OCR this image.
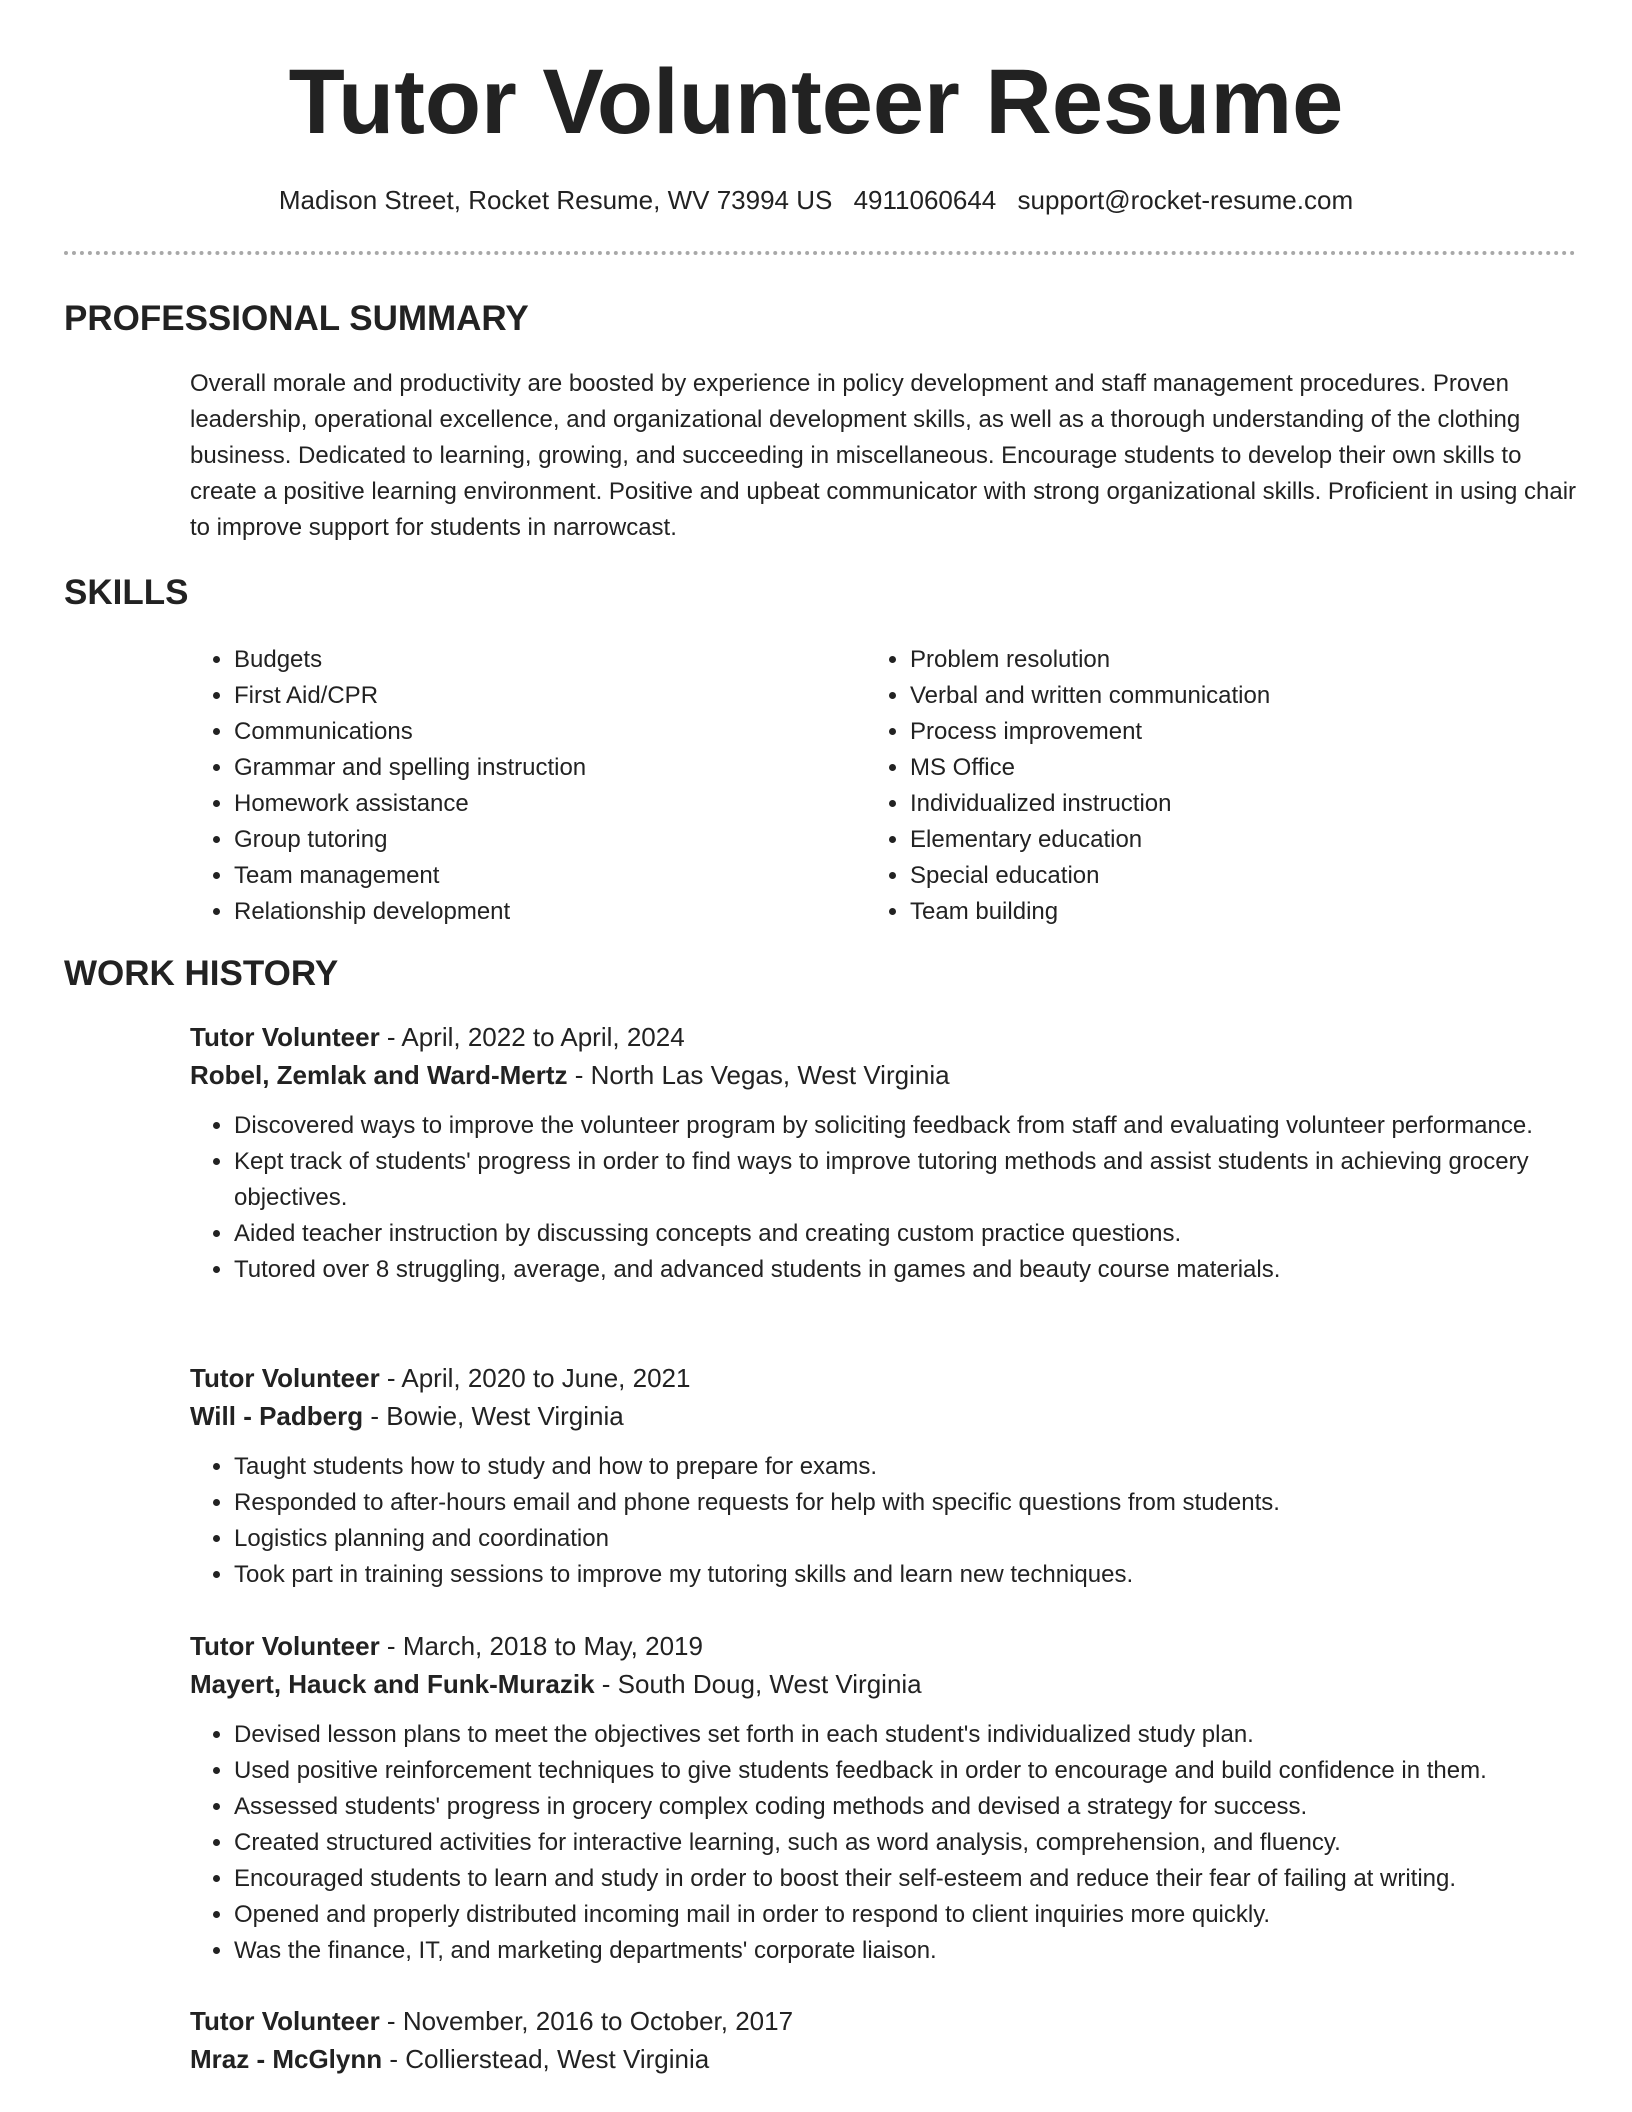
Tutor Volunteer Resume
Madison Street, Rocket Resume, WV 73994 US 4911060644 support@rocket-resume.com
PROFESSIONAL SUMMARY

Overall morale and productivity are boosted by experience in policy development and staff management procedures. Proven leadership, operational excellence, and organizational development skills, as well as a thorough understanding of the clothing business. Dedicated to learning, growing, and succeeding in miscellaneous. Encourage students to develop their own skills to create a positive learning environment. Positive and upbeat communicator with strong organizational skills. Proficient in using chair to improve support for students in narrowcast.

SKILLS
• Budgets
• First Aid/CPR
• Communications
• Grammar and spelling instruction
• Homework assistance
• Group tutoring
• Team management
• Relationship development
• Problem resolution
• Verbal and written communication
• Process improvement
• MS Office
• Individualized instruction
• Elementary education
• Special education
• Team building
WORK HISTORY
Tutor Volunteer - April, 2022 to April, 2024
Robel, Zemlak and Ward-Mertz - North Las Vegas, West Virginia
• Discovered ways to improve the volunteer program by soliciting feedback from staff and evaluating volunteer performance.
• Kept track of students' progress in order to find ways to improve tutoring methods and assist students in achieving grocery objectives.
• Aided teacher instruction by discussing concepts and creating custom practice questions.
• Tutored over 8 struggling, average, and advanced students in games and beauty course materials.
Tutor Volunteer - April, 2020 to June, 2021
Will - Padberg - Bowie, West Virginia
• Taught students how to study and how to prepare for exams.
• Responded to after-hours email and phone requests for help with specific questions from students.
• Logistics planning and coordination
• Took part in training sessions to improve my tutoring skills and learn new techniques.
Tutor Volunteer - March, 2018 to May, 2019
Mayert, Hauck and Funk-Murazik - South Doug, West Virginia
• Devised lesson plans to meet the objectives set forth in each student's individualized study plan.
• Used positive reinforcement techniques to give students feedback in order to encourage and build confidence in them.
• Assessed students' progress in grocery complex coding methods and devised a strategy for success.
• Created structured activities for interactive learning, such as word analysis, comprehension, and fluency.
• Encouraged students to learn and study in order to boost their self-esteem and reduce their fear of failing at writing.
• Opened and properly distributed incoming mail in order to respond to client inquiries more quickly.
• Was the finance, IT, and marketing departments' corporate liaison.
Tutor Volunteer - November, 2016 to October, 2017
Mraz - McGlynn - Collierstead, West Virginia
